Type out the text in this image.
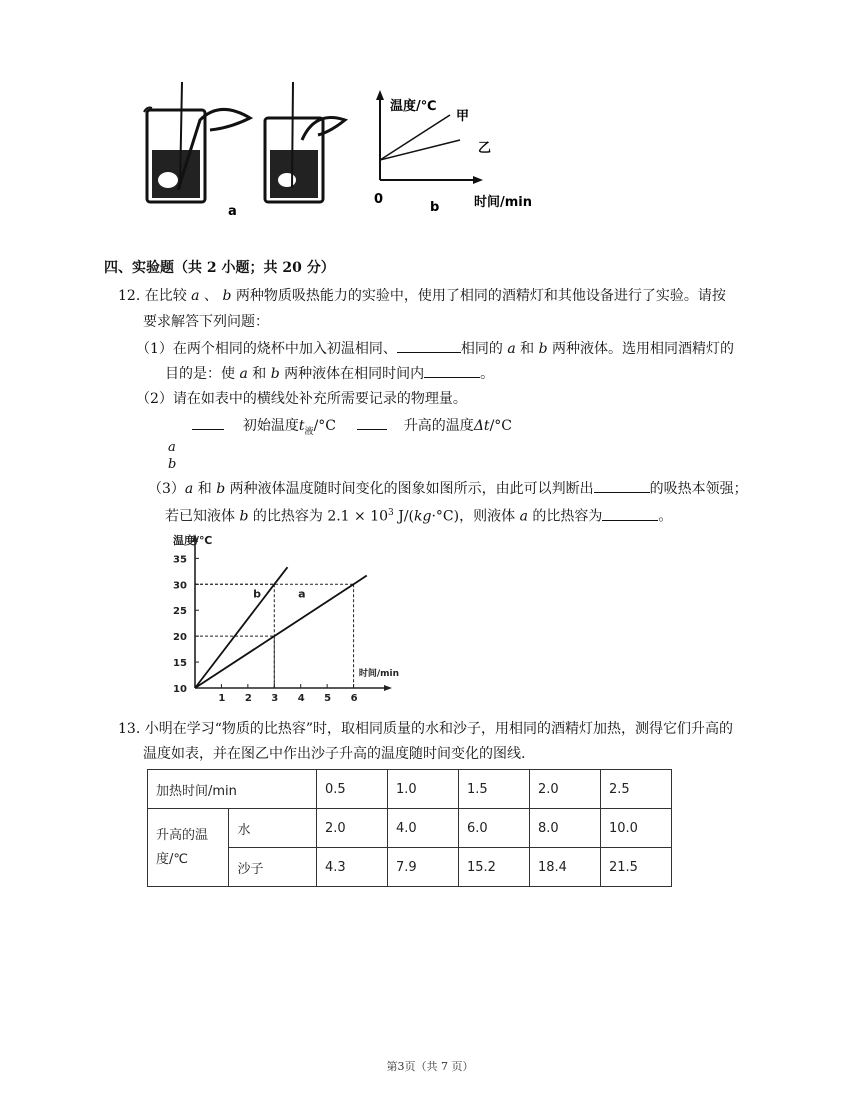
a
温度/℃
甲
乙
0
b	时间/min
四、实验题（共 2 小题；共 20 分）
12. 在比较 a 、 b 两种物质吸热能力的实验中，使用了相同的酒精灯和其他设备进行了实验。请按
要求解答下列问题：
（1）在两个相同的烧杯中加入初温相同、	相同的 a 和 b 两种液体。选用相同酒精灯的
目的是：使 a 和 b 两种液体在相同时间内	。
（2）请在如表中的横线处补充所需要记录的物理量。
初始温度$t_液/^\circ C$	升高的温度Δt/°C
a
b
（3）a 和 b 两种液体温度随时间变化的图象如图所示，由此可以判断出	的吸热本领强；
若已知液体 b 的比热容为 $2.1 \times 10^3$ J/(kg·°C)，则液体 a 的比热容为	。
10
15
20
25
30
35
1 2 3 4 5 6
b	a
温度/℃
时间/min
13. 小明在学习“物质的比热容”时，取相同质量的水和沙子，用相同的酒精灯加热，测得它们升高的
温度如表，并在图乙中作出沙子升高的温度随时间变化的图线.
加热时间/min		0.5	1.0	1.5	2.0	2.5
升高的温
度/℃	水	2.0	4.0	6.0	8.0	10.0
	沙子	4.3	7.9	15.2	18.4	21.5
第3页（共 7 页）
